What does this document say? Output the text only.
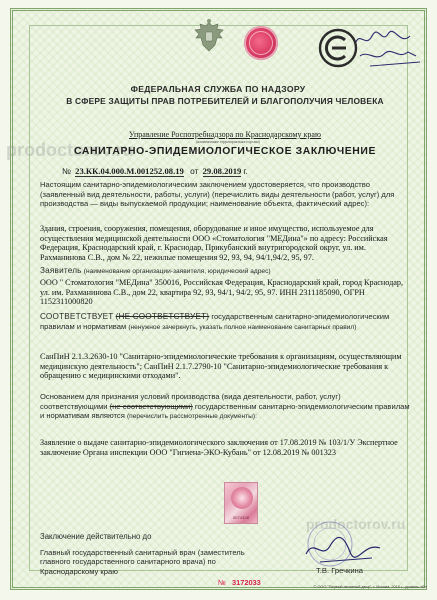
ФЕДЕРАЛЬНАЯ СЛУЖБА ПО НАДЗОРУ
В СФЕРЕ ЗАЩИТЫ ПРАВ ПОТРЕБИТЕЛЕЙ И БЛАГОПОЛУЧИЯ ЧЕЛОВЕКА
prodoctorov.ru
Управление Роспотребнадзора по Краснодарскому краю
(наименование территориального органа)
САНИТАРНО-ЭПИДЕМИОЛОГИЧЕСКОЕ ЗАКЛЮЧЕНИЕ
№ 23.КК.04.000.М.001252.08.19 от 29.08.2019 г.
Настоящим санитарно-эпидемиологическим заключением удостоверяется, что производство (заявленный вид деятельности, работы, услуги) (перечислить виды деятельности (работ, услуг) для производства — виды выпускаемой продукции; наименование объекта, фактический адрес):
Здания, строения, сооружения, помещения, оборудование и иное имущество, используемое для осуществления медицинской деятельности ООО «Стоматология "МЕДина"» по адресу: Российская Федерация, Краснодарский край, г. Краснодар, Прикубанский внутригородской округ, ул. им. Рахманинова С.В., дом № 22, нежилые помещения 92, 93, 94, 94/1,94/2, 95, 97.
Заявитель (наименование организации-заявителя, юридический адрес)
ООО " Стоматология "МЕДина" 350016, Российская Федерация, Краснодарский край, город Краснодар, ул. им. Рахманинова С.В., дом 22, квартира 92, 93, 94/1, 94/2, 95, 97. ИНН 2311185090, ОГРН 1152311000820
СООТВЕТСТВУЕТ (НЕ СООТВЕТСТВУЕТ) государственным санитарно-эпидемиологическим правилам и нормативам (ненужное зачеркнуть, указать полное наименование санитарных правил)
СанПиН 2.1.3.2630-10 "Санитарно-эпидемиологические требования к организациям, осуществляющим медицинскую деятельность"; СанПиН 2.1.7.2790-10 "Санитарно-эпидемиологические требования к обращению с медицинскими отходами".
Основанием для признания условий производства (вида деятельности, работ, услуг) соответствующими (не соответствующими) государственным санитарно-эпидемиологическим правилам и нормативам являются (перечислить рассмотренные документы):
Заявление о выдаче санитарно-эпидемиологического заключения от 17.08.2019 № 103/1/У Экспертное заключение Органа инспекции ООО "Гигиена-ЭКО-Кубань" от 12.08.2019 № 001323
0074308
Заключение действительно до
Главный государственный санитарный врач (заместитель главного государственного санитарного врача) по Краснодарскому краю	Т.В. Гречкина
№ 3172033
prodoctorov.ru
© ООО "Первый печатный двор", г. Москва, 2019 г., уровень «В»
